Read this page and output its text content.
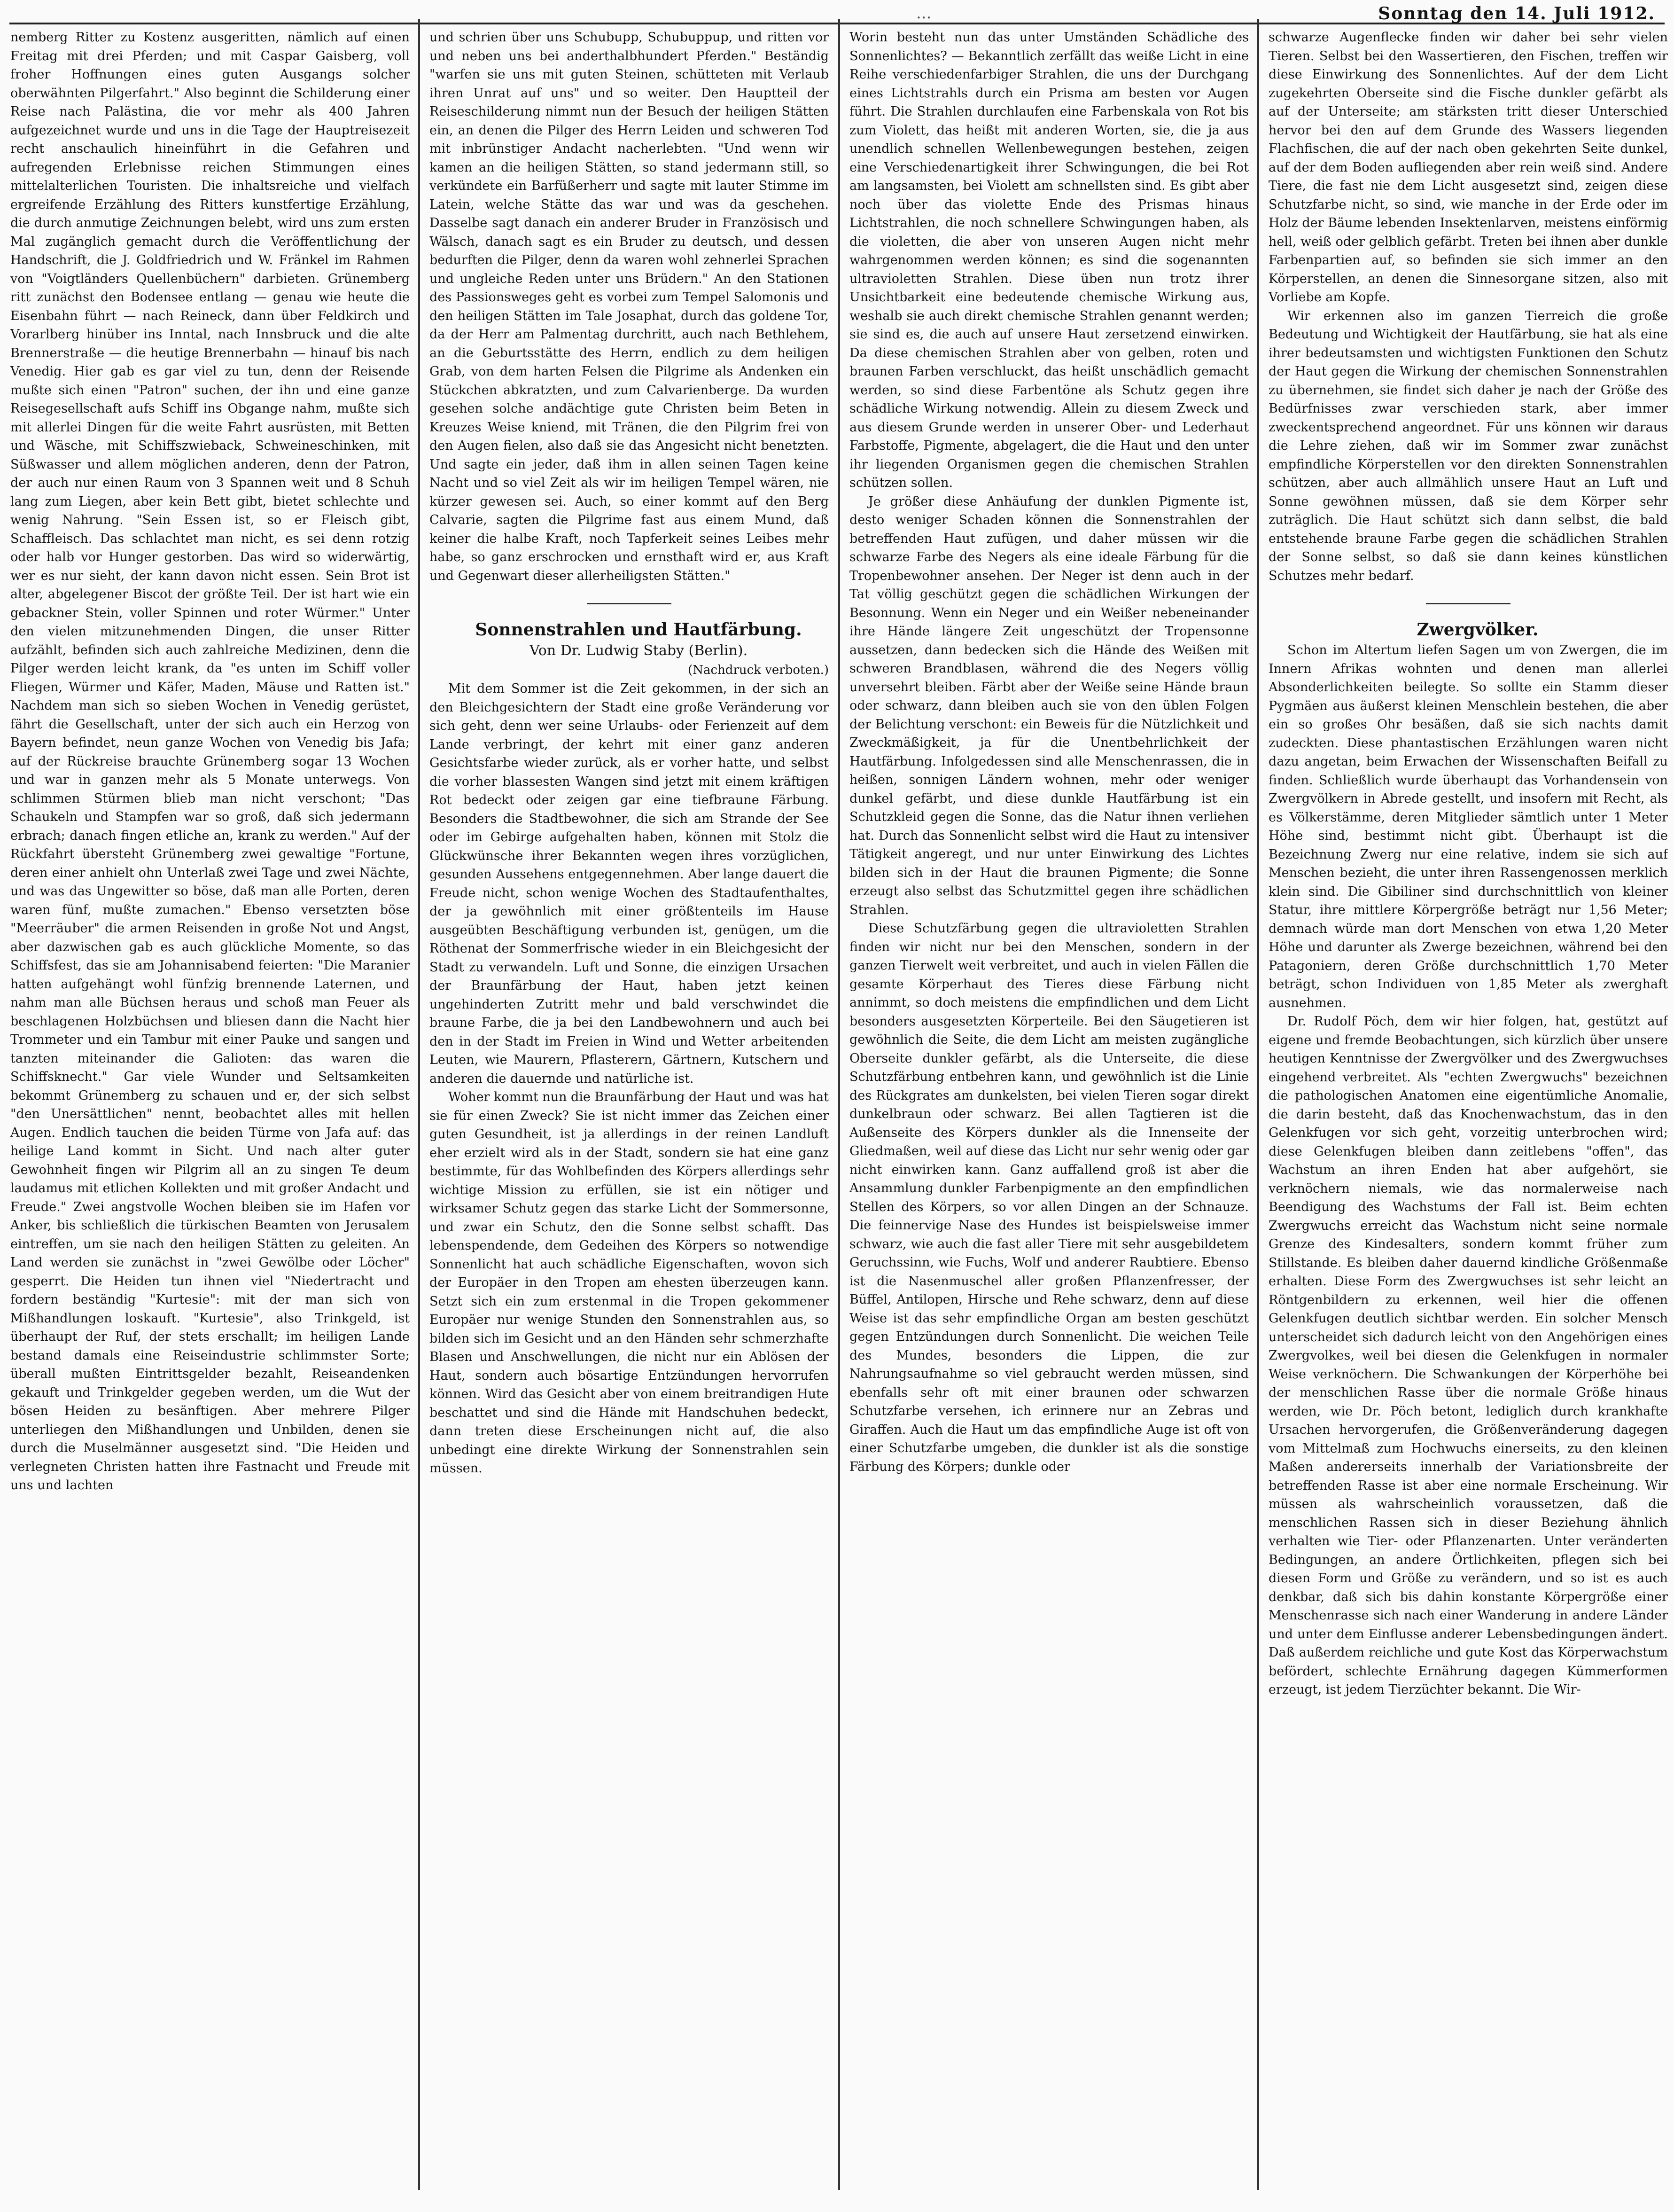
...	Sonntag den 14. Juli 1912.

nemberg Ritter zu Kostenz ausgeritten, nämlich auf einen Freitag mit drei Pferden; und mit Caspar Gaisberg, voll froher Hoffnungen eines guten Ausgangs solcher oberwähnten Pilgerfahrt." Also beginnt die Schilderung einer Reise nach Palästina, die vor mehr als 400 Jahren aufgezeichnet wurde und uns in die Tage der Hauptreisezeit recht anschaulich hineinführt in die Gefahren und aufregenden Erlebnisse reichen Stimmungen eines mittelalterlichen Touristen. Die inhaltsreiche und vielfach ergreifende Erzählung des Ritters kunstfertige Erzählung, die durch anmutige Zeichnungen belebt, wird uns zum ersten Mal zugänglich gemacht durch die Veröffentlichung der Handschrift, die J. Goldfriedrich und W. Fränkel im Rahmen von "Voigtländers Quellenbüchern" darbieten. Grünemberg ritt zunächst den Bodensee entlang — genau wie heute die Eisenbahn führt — nach Reineck, dann über Feldkirch und Vorarlberg hinüber ins Inntal, nach Innsbruck und die alte Brennerstraße — die heutige Brennerbahn — hinauf bis nach Venedig. Hier gab es gar viel zu tun, denn der Reisende mußte sich einen "Patron" suchen, der ihn und eine ganze Reisegesellschaft aufs Schiff ins Obgange nahm, mußte sich mit allerlei Dingen für die weite Fahrt ausrüsten, mit Betten und Wäsche, mit Schiffszwieback, Schweineschinken, mit Süßwasser und allem möglichen anderen, denn der Patron, der auch nur einen Raum von 3 Spannen weit und 8 Schuh lang zum Liegen, aber kein Bett gibt, bietet schlechte und wenig Nahrung. "Sein Essen ist, so er Fleisch gibt, Schaffleisch. Das schlachtet man nicht, es sei denn rotzig oder halb vor Hunger gestorben. Das wird so widerwärtig, wer es nur sieht, der kann davon nicht essen. Sein Brot ist alter, abgelegener Biscot der größte Teil. Der ist hart wie ein gebackner Stein, voller Spinnen und roter Würmer." Unter den vielen mitzunehmenden Dingen, die unser Ritter aufzählt, befinden sich auch zahlreiche Medizinen, denn die Pilger werden leicht krank, da "es unten im Schiff voller Fliegen, Würmer und Käfer, Maden, Mäuse und Ratten ist." Nachdem man sich so sieben Wochen in Venedig gerüstet, fährt die Gesellschaft, unter der sich auch ein Herzog von Bayern befindet, neun ganze Wochen von Venedig bis Jafa; auf der Rückreise brauchte Grünemberg sogar 13 Wochen und war in ganzen mehr als 5 Monate unterwegs. Von schlimmen Stürmen blieb man nicht verschont; "Das Schaukeln und Stampfen war so groß, daß sich jedermann erbrach; danach fingen etliche an, krank zu werden." Auf der Rückfahrt übersteht Grünemberg zwei gewaltige "Fortune, deren einer anhielt ohn Unterlaß zwei Tage und zwei Nächte, und was das Ungewitter so böse, daß man alle Porten, deren waren fünf, mußte zumachen." Ebenso versetzten böse "Meerräuber" die armen Reisenden in große Not und Angst, aber dazwischen gab es auch glückliche Momente, so das Schiffsfest, das sie am Johannisabend feierten: "Die Maranier hatten aufgehängt wohl fünfzig brennende Laternen, und nahm man alle Büchsen heraus und schoß man Feuer als beschlagenen Holzbüchsen und bliesen dann die Nacht hier Trommeter und ein Tambur mit einer Pauke und sangen und tanzten miteinander die Galioten: das waren die Schiffsknecht." Gar viele Wunder und Seltsamkeiten bekommt Grünemberg zu schauen und er, der sich selbst "den Unersättlichen" nennt, beobachtet alles mit hellen Augen. Endlich tauchen die beiden Türme von Jafa auf: das heilige Land kommt in Sicht. Und nach alter guter Gewohnheit fingen wir Pilgrim all an zu singen Te deum laudamus mit etlichen Kollekten und mit großer Andacht und Freude." Zwei angstvolle Wochen bleiben sie im Hafen vor Anker, bis schließlich die türkischen Beamten von Jerusalem eintreffen, um sie nach den heiligen Stätten zu geleiten. An Land werden sie zunächst in "zwei Gewölbe oder Löcher" gesperrt. Die Heiden tun ihnen viel "Niedertracht und fordern beständig "Kurtesie": mit der man sich von Mißhandlungen loskauft. "Kurtesie", also Trinkgeld, ist überhaupt der Ruf, der stets erschallt; im heiligen Lande bestand damals eine Reiseindustrie schlimmster Sorte; überall mußten Eintrittsgelder bezahlt, Reiseandenken gekauft und Trinkgelder gegeben werden, um die Wut der bösen Heiden zu besänftigen. Aber mehrere Pilger unterliegen den Mißhandlungen und Unbilden, denen sie durch die Muselmänner ausgesetzt sind. "Die Heiden und verlegneten Christen hatten ihre Fastnacht und Freude mit uns und lachten

und schrien über uns Schubupp, Schubuppup, und ritten vor und neben uns bei anderthalbhundert Pferden." Beständig "warfen sie uns mit guten Steinen, schütteten mit Verlaub ihren Unrat auf uns" und so weiter. Den Hauptteil der Reiseschilderung nimmt nun der Besuch der heiligen Stätten ein, an denen die Pilger des Herrn Leiden und schweren Tod mit inbrünstiger Andacht nacherlebten. "Und wenn wir kamen an die heiligen Stätten, so stand jedermann still, so verkündete ein Barfüßerherr und sagte mit lauter Stimme im Latein, welche Stätte das war und was da geschehen. Dasselbe sagt danach ein anderer Bruder in Französisch und Wälsch, danach sagt es ein Bruder zu deutsch, und dessen bedurften die Pilger, denn da waren wohl zehnerlei Sprachen und ungleiche Reden unter uns Brüdern." An den Stationen des Passionsweges geht es vorbei zum Tempel Salomonis und den heiligen Stätten im Tale Josaphat, durch das goldene Tor, da der Herr am Palmentag durchritt, auch nach Bethlehem, an die Geburtsstätte des Herrn, endlich zu dem heiligen Grab, von dem harten Felsen die Pilgrime als Andenken ein Stückchen abkratzten, und zum Calvarienberge. Da wurden gesehen solche andächtige gute Christen beim Beten in Kreuzes Weise kniend, mit Tränen, die den Pilgrim frei von den Augen fielen, also daß sie das Angesicht nicht benetzten. Und sagte ein jeder, daß ihm in allen seinen Tagen keine Nacht und so viel Zeit als wir im heiligen Tempel wären, nie kürzer gewesen sei. Auch, so einer kommt auf den Berg Calvarie, sagten die Pilgrime fast aus einem Mund, daß keiner die halbe Kraft, noch Tapferkeit seines Leibes mehr habe, so ganz erschrocken und ernsthaft wird er, aus Kraft und Gegenwart dieser allerheiligsten Stätten."

Sonnenstrahlen und Hautfärbung.

Von Dr. Ludwig Staby (Berlin).

(Nachdruck verboten.)

Mit dem Sommer ist die Zeit gekommen, in der sich an den Bleichgesichtern der Stadt eine große Veränderung vor sich geht, denn wer seine Urlaubs- oder Ferienzeit auf dem Lande verbringt, der kehrt mit einer ganz anderen Gesichtsfarbe wieder zurück, als er vorher hatte, und selbst die vorher blassesten Wangen sind jetzt mit einem kräftigen Rot bedeckt oder zeigen gar eine tiefbraune Färbung. Besonders die Stadtbewohner, die sich am Strande der See oder im Gebirge aufgehalten haben, können mit Stolz die Glückwünsche ihrer Bekannten wegen ihres vorzüglichen, gesunden Aussehens entgegennehmen. Aber lange dauert die Freude nicht, schon wenige Wochen des Stadtaufenthaltes, der ja gewöhnlich mit einer größtenteils im Hause ausgeübten Beschäftigung verbunden ist, genügen, um die Röthenat der Sommerfrische wieder in ein Bleichgesicht der Stadt zu verwandeln. Luft und Sonne, die einzigen Ursachen der Braunfärbung der Haut, haben jetzt keinen ungehinderten Zutritt mehr und bald verschwindet die braune Farbe, die ja bei den Landbewohnern und auch bei den in der Stadt im Freien in Wind und Wetter arbeitenden Leuten, wie Maurern, Pflasterern, Gärtnern, Kutschern und anderen die dauernde und natürliche ist.

Woher kommt nun die Braunfärbung der Haut und was hat sie für einen Zweck? Sie ist nicht immer das Zeichen einer guten Gesundheit, ist ja allerdings in der reinen Landluft eher erzielt wird als in der Stadt, sondern sie hat eine ganz bestimmte, für das Wohlbefinden des Körpers allerdings sehr wichtige Mission zu erfüllen, sie ist ein nötiger und wirksamer Schutz gegen das starke Licht der Sommersonne, und zwar ein Schutz, den die Sonne selbst schafft. Das lebenspendende, dem Gedeihen des Körpers so notwendige Sonnenlicht hat auch schädliche Eigenschaften, wovon sich der Europäer in den Tropen am ehesten überzeugen kann. Setzt sich ein zum erstenmal in die Tropen gekommener Europäer nur wenige Stunden den Sonnenstrahlen aus, so bilden sich im Gesicht und an den Händen sehr schmerzhafte Blasen und Anschwellungen, die nicht nur ein Ablösen der Haut, sondern auch bösartige Entzündungen hervorrufen können. Wird das Gesicht aber von einem breitrandigen Hute beschattet und sind die Hände mit Handschuhen bedeckt, dann treten diese Erscheinungen nicht auf, die also unbedingt eine direkte Wirkung der Sonnenstrahlen sein müssen.

Worin besteht nun das unter Umständen Schädliche des Sonnenlichtes? — Bekanntlich zerfällt das weiße Licht in eine Reihe verschiedenfarbiger Strahlen, die uns der Durchgang eines Lichtstrahls durch ein Prisma am besten vor Augen führt. Die Strahlen durchlaufen eine Farbenskala von Rot bis zum Violett, das heißt mit anderen Worten, sie, die ja aus unendlich schnellen Wellenbewegungen bestehen, zeigen eine Verschiedenartigkeit ihrer Schwingungen, die bei Rot am langsamsten, bei Violett am schnellsten sind. Es gibt aber noch über das violette Ende des Prismas hinaus Lichtstrahlen, die noch schnellere Schwingungen haben, als die violetten, die aber von unseren Augen nicht mehr wahrgenommen werden können; es sind die sogenannten ultravioletten Strahlen. Diese üben nun trotz ihrer Unsichtbarkeit eine bedeutende chemische Wirkung aus, weshalb sie auch direkt chemische Strahlen genannt werden; sie sind es, die auch auf unsere Haut zersetzend einwirken. Da diese chemischen Strahlen aber von gelben, roten und braunen Farben verschluckt, das heißt unschädlich gemacht werden, so sind diese Farbentöne als Schutz gegen ihre schädliche Wirkung notwendig. Allein zu diesem Zweck und aus diesem Grunde werden in unserer Ober- und Lederhaut Farbstoffe, Pigmente, abgelagert, die die Haut und den unter ihr liegenden Organismen gegen die chemischen Strahlen schützen sollen.

Je größer diese Anhäufung der dunklen Pigmente ist, desto weniger Schaden können die Sonnenstrahlen der betreffenden Haut zufügen, und daher müssen wir die schwarze Farbe des Negers als eine ideale Färbung für die Tropenbewohner ansehen. Der Neger ist denn auch in der Tat völlig geschützt gegen die schädlichen Wirkungen der Besonnung. Wenn ein Neger und ein Weißer nebeneinander ihre Hände längere Zeit ungeschützt der Tropensonne aussetzen, dann bedecken sich die Hände des Weißen mit schweren Brandblasen, während die des Negers völlig unversehrt bleiben. Färbt aber der Weiße seine Hände braun oder schwarz, dann bleiben auch sie von den üblen Folgen der Belichtung verschont: ein Beweis für die Nützlichkeit und Zweckmäßigkeit, ja für die Unentbehrlichkeit der Hautfärbung. Infolgedessen sind alle Menschenrassen, die in heißen, sonnigen Ländern wohnen, mehr oder weniger dunkel gefärbt, und diese dunkle Hautfärbung ist ein Schutzkleid gegen die Sonne, das die Natur ihnen verliehen hat. Durch das Sonnenlicht selbst wird die Haut zu intensiver Tätigkeit angeregt, und nur unter Einwirkung des Lichtes bilden sich in der Haut die braunen Pigmente; die Sonne erzeugt also selbst das Schutzmittel gegen ihre schädlichen Strahlen.

Diese Schutzfärbung gegen die ultravioletten Strahlen finden wir nicht nur bei den Menschen, sondern in der ganzen Tierwelt weit verbreitet, und auch in vielen Fällen die gesamte Körperhaut des Tieres diese Färbung nicht annimmt, so doch meistens die empfindlichen und dem Licht besonders ausgesetzten Körperteile. Bei den Säugetieren ist gewöhnlich die Seite, die dem Licht am meisten zugängliche Oberseite dunkler gefärbt, als die Unterseite, die diese Schutzfärbung entbehren kann, und gewöhnlich ist die Linie des Rückgrates am dunkelsten, bei vielen Tieren sogar direkt dunkelbraun oder schwarz. Bei allen Tagtieren ist die Außenseite des Körpers dunkler als die Innenseite der Gliedmaßen, weil auf diese das Licht nur sehr wenig oder gar nicht einwirken kann. Ganz auffallend groß ist aber die Ansammlung dunkler Farbenpigmente an den empfindlichen Stellen des Körpers, so vor allen Dingen an der Schnauze. Die feinnervige Nase des Hundes ist beispielsweise immer schwarz, wie auch die fast aller Tiere mit sehr ausgebildetem Geruchssinn, wie Fuchs, Wolf und anderer Raubtiere. Ebenso ist die Nasenmuschel aller großen Pflanzenfresser, der Büffel, Antilopen, Hirsche und Rehe schwarz, denn auf diese Weise ist das sehr empfindliche Organ am besten geschützt gegen Entzündungen durch Sonnenlicht. Die weichen Teile des Mundes, besonders die Lippen, die zur Nahrungsaufnahme so viel gebraucht werden müssen, sind ebenfalls sehr oft mit einer braunen oder schwarzen Schutzfarbe versehen, ich erinnere nur an Zebras und Giraffen. Auch die Haut um das empfindliche Auge ist oft von einer Schutzfarbe umgeben, die dunkler ist als die sonstige Färbung des Körpers; dunkle oder

schwarze Augenflecke finden wir daher bei sehr vielen Tieren. Selbst bei den Wassertieren, den Fischen, treffen wir diese Einwirkung des Sonnenlichtes. Auf der dem Licht zugekehrten Oberseite sind die Fische dunkler gefärbt als auf der Unterseite; am stärksten tritt dieser Unterschied hervor bei den auf dem Grunde des Wassers liegenden Flachfischen, die auf der nach oben gekehrten Seite dunkel, auf der dem Boden aufliegenden aber rein weiß sind. Andere Tiere, die fast nie dem Licht ausgesetzt sind, zeigen diese Schutzfarbe nicht, so sind, wie manche in der Erde oder im Holz der Bäume lebenden Insektenlarven, meistens einförmig hell, weiß oder gelblich gefärbt. Treten bei ihnen aber dunkle Farbenpartien auf, so befinden sie sich immer an den Körperstellen, an denen die Sinnesorgane sitzen, also mit Vorliebe am Kopfe.

Wir erkennen also im ganzen Tierreich die große Bedeutung und Wichtigkeit der Hautfärbung, sie hat als eine ihrer bedeutsamsten und wichtigsten Funktionen den Schutz der Haut gegen die Wirkung der chemischen Sonnenstrahlen zu übernehmen, sie findet sich daher je nach der Größe des Bedürfnisses zwar verschieden stark, aber immer zweckentsprechend angeordnet. Für uns können wir daraus die Lehre ziehen, daß wir im Sommer zwar zunächst empfindliche Körperstellen vor den direkten Sonnenstrahlen schützen, aber auch allmählich unsere Haut an Luft und Sonne gewöhnen müssen, daß sie dem Körper sehr zuträglich. Die Haut schützt sich dann selbst, die bald entstehende braune Farbe gegen die schädlichen Strahlen der Sonne selbst, so daß sie dann keines künstlichen Schutzes mehr bedarf.

Zwergvölker.

Schon im Altertum liefen Sagen um von Zwergen, die im Innern Afrikas wohnten und denen man allerlei Absonderlichkeiten beilegte. So sollte ein Stamm dieser Pygmäen aus äußerst kleinen Menschlein bestehen, die aber ein so großes Ohr besäßen, daß sie sich nachts damit zudeckten. Diese phantastischen Erzählungen waren nicht dazu angetan, beim Erwachen der Wissenschaften Beifall zu finden. Schließlich wurde überhaupt das Vorhandensein von Zwergvölkern in Abrede gestellt, und insofern mit Recht, als es Völkerstämme, deren Mitglieder sämtlich unter 1 Meter Höhe sind, bestimmt nicht gibt. Überhaupt ist die Bezeichnung Zwerg nur eine relative, indem sie sich auf Menschen bezieht, die unter ihren Rassengenossen merklich klein sind. Die Gibiliner sind durchschnittlich von kleiner Statur, ihre mittlere Körpergröße beträgt nur 1,56 Meter; demnach würde man dort Menschen von etwa 1,20 Meter Höhe und darunter als Zwerge bezeichnen, während bei den Patagoniern, deren Größe durchschnittlich 1,70 Meter beträgt, schon Individuen von 1,85 Meter als zwerghaft ausnehmen.

Dr. Rudolf Pöch, dem wir hier folgen, hat, gestützt auf eigene und fremde Beobachtungen, sich kürzlich über unsere heutigen Kenntnisse der Zwergvölker und des Zwergwuchses eingehend verbreitet. Als "echten Zwergwuchs" bezeichnen die pathologischen Anatomen eine eigentümliche Anomalie, die darin besteht, daß das Knochenwachstum, das in den Gelenkfugen vor sich geht, vorzeitig unterbrochen wird; diese Gelenkfugen bleiben dann zeitlebens "offen", das Wachstum an ihren Enden hat aber aufgehört, sie verknöchern niemals, wie das normalerweise nach Beendigung des Wachstums der Fall ist. Beim echten Zwergwuchs erreicht das Wachstum nicht seine normale Grenze des Kindesalters, sondern kommt früher zum Stillstande. Es bleiben daher dauernd kindliche Größenmaße erhalten. Diese Form des Zwergwuchses ist sehr leicht an Röntgenbildern zu erkennen, weil hier die offenen Gelenkfugen deutlich sichtbar werden. Ein solcher Mensch unterscheidet sich dadurch leicht von den Angehörigen eines Zwergvolkes, weil bei diesen die Gelenkfugen in normaler Weise verknöchern. Die Schwankungen der Körperhöhe bei der menschlichen Rasse über die normale Größe hinaus werden, wie Dr. Pöch betont, lediglich durch krankhafte Ursachen hervorgerufen, die Größenveränderung dagegen vom Mittelmaß zum Hochwuchs einerseits, zu den kleinen Maßen andererseits innerhalb der Variationsbreite der betreffenden Rasse ist aber eine normale Erscheinung. Wir müssen als wahrscheinlich voraussetzen, daß die menschlichen Rassen sich in dieser Beziehung ähnlich verhalten wie Tier- oder Pflanzenarten. Unter veränderten Bedingungen, an andere Örtlichkeiten, pflegen sich bei diesen Form und Größe zu verändern, und so ist es auch denkbar, daß sich bis dahin konstante Körpergröße einer Menschenrasse sich nach einer Wanderung in andere Länder und unter dem Einflusse anderer Lebensbedingungen ändert. Daß außerdem reichliche und gute Kost das Körperwachstum befördert, schlechte Ernährung dagegen Kümmerformen erzeugt, ist jedem Tierzüchter bekannt. Die Wir-
